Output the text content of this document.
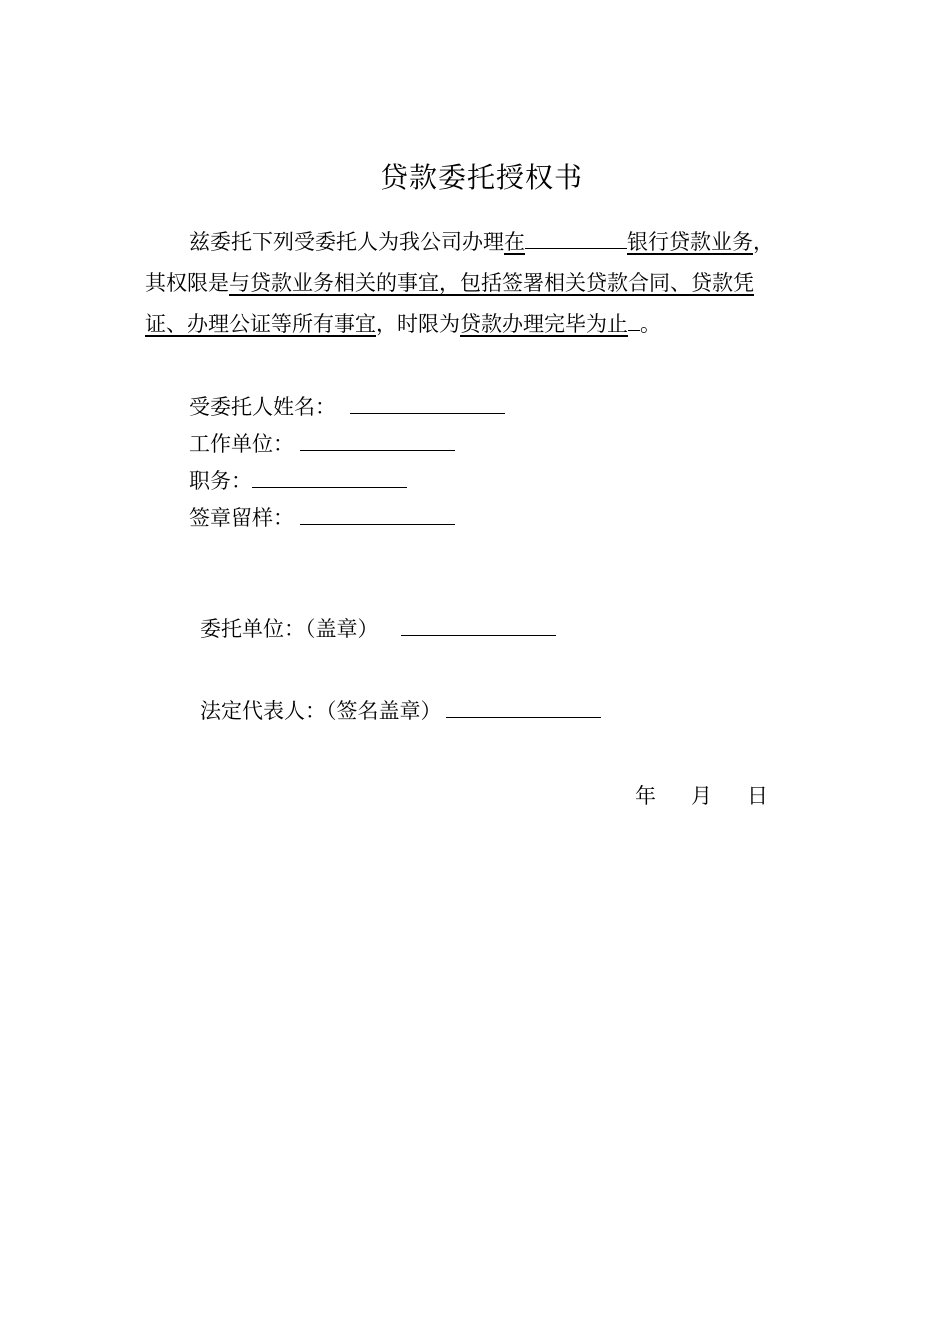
贷款委托授权书
兹委托下列受委托人为我公司办理在	银行贷款业务，
其权限是与贷款业务相关的事宜，包括签署相关贷款合同、贷款凭
证、办理公证等所有事宜，时限为贷款办理完毕为止 。
受委托人姓名：
工作单位：
职务：
签章留样：
委托单位：（盖章）
法定代表人：（签名盖章）
年 月 日
